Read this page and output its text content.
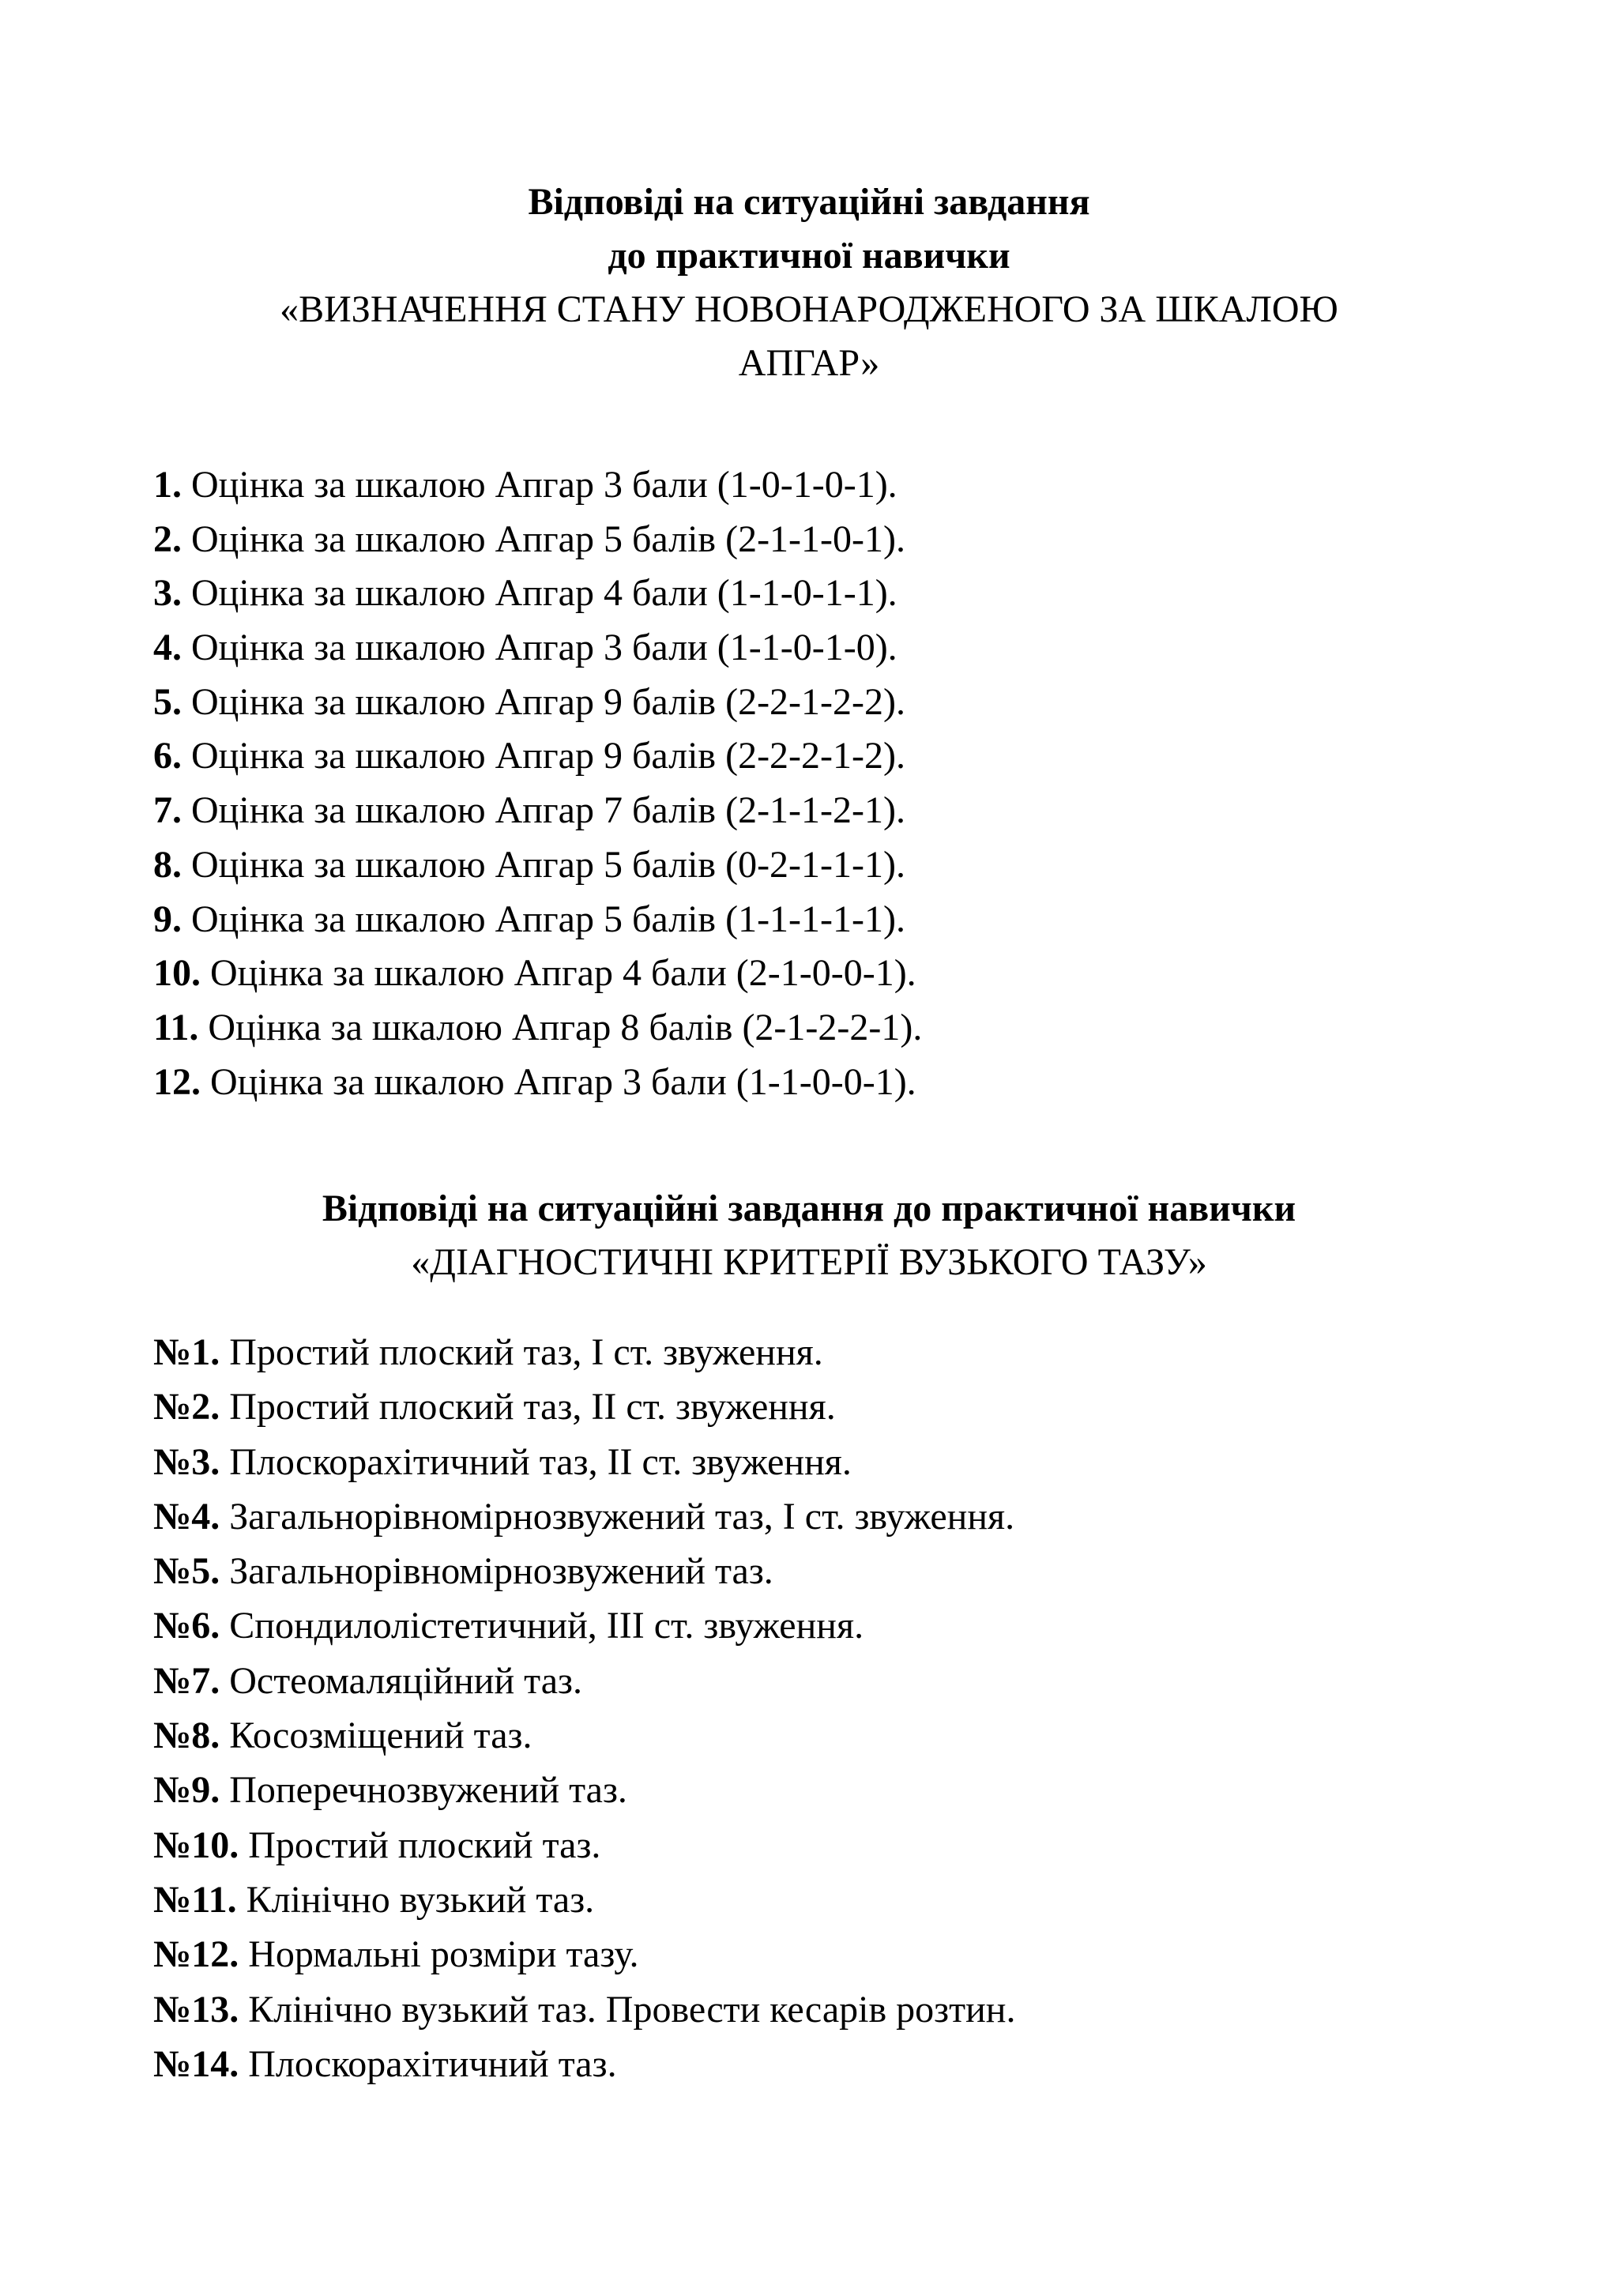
Відповіді на ситуаційні завдання
до практичної навички
«ВИЗНАЧЕННЯ СТАНУ НОВОНАРОДЖЕНОГО ЗА ШКАЛОЮ
АПГАР»
1. Оцінка за шкалою Апгар 3 бали (1-0-1-0-1).
2. Оцінка за шкалою Апгар 5 балів (2-1-1-0-1).
3. Оцінка за шкалою Апгар 4 бали (1-1-0-1-1).
4. Оцінка за шкалою Апгар 3 бали (1-1-0-1-0).
5. Оцінка за шкалою Апгар 9 балів (2-2-1-2-2).
6. Оцінка за шкалою Апгар 9 балів (2-2-2-1-2).
7. Оцінка за шкалою Апгар 7 балів (2-1-1-2-1).
8. Оцінка за шкалою Апгар 5 балів (0-2-1-1-1).
9. Оцінка за шкалою Апгар 5 балів (1-1-1-1-1).
10. Оцінка за шкалою Апгар 4 бали (2-1-0-0-1).
11. Оцінка за шкалою Апгар 8 балів (2-1-2-2-1).
12. Оцінка за шкалою Апгар 3 бали (1-1-0-0-1).
Відповіді на ситуаційні завдання до практичної навички
«ДІАГНОСТИЧНІ КРИТЕРІЇ ВУЗЬКОГО ТАЗУ»
№1. Простий плоский таз, І ст. звуження.
№2. Простий плоский таз, ІІ ст. звуження.
№3. Плоскорахітичний таз, ІІ ст. звуження.
№4. Загальнорівномірнозвужений таз, І ст. звуження.
№5. Загальнорівномірнозвужений таз.
№6. Спондилолістетичний, ІІІ ст. звуження.
№7. Остеомаляційний таз.
№8. Косозміщений таз.
№9. Поперечнозвужений таз.
№10. Простий плоский таз.
№11. Клінічно вузький таз.
№12. Нормальні розміри тазу.
№13. Клінічно вузький таз. Провести кесарів розтин.
№14. Плоскорахітичний таз.
